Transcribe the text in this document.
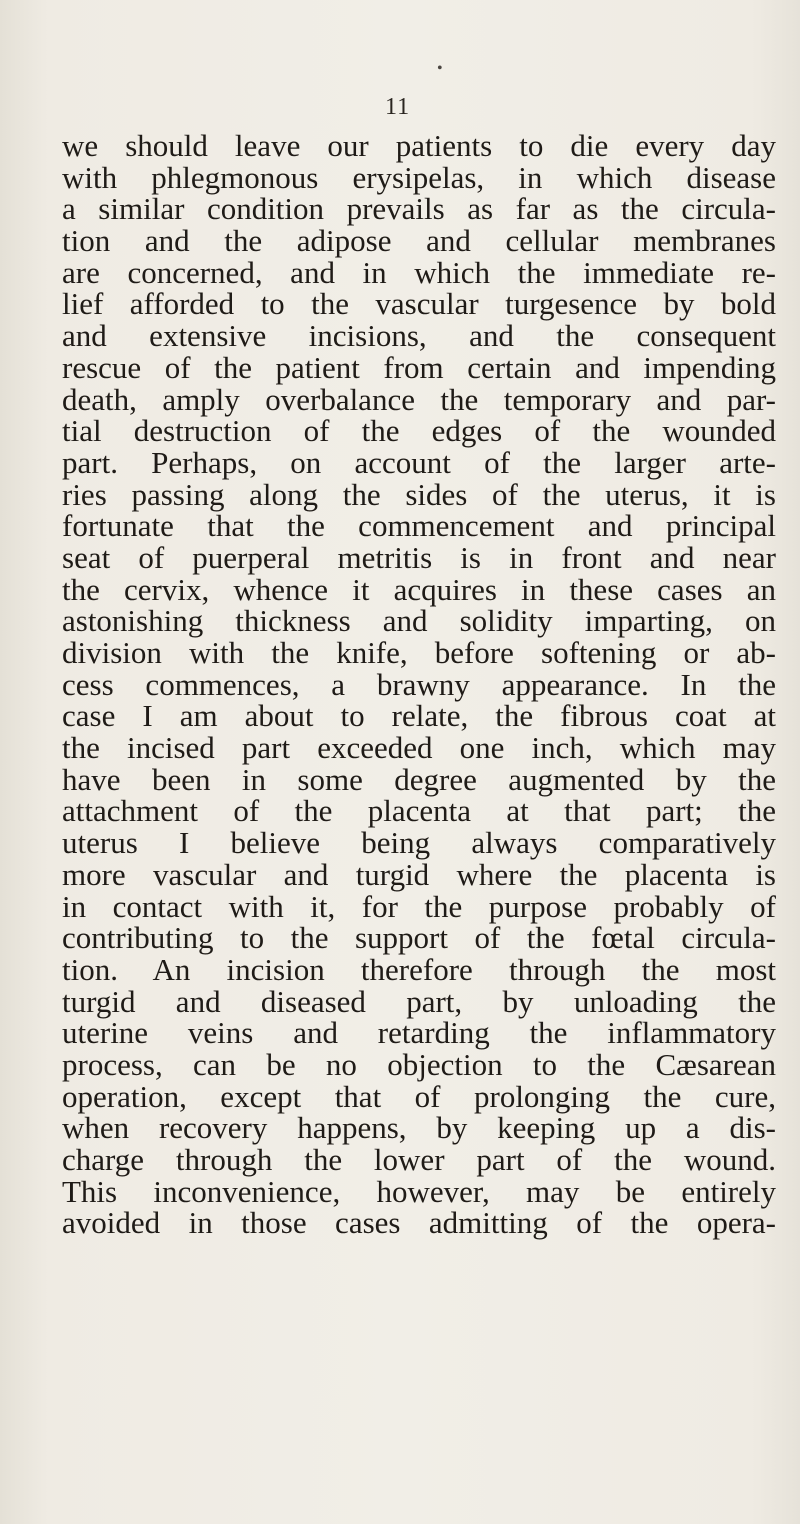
•
11
we should leave our patients to die every day
with phlegmonous erysipelas, in which disease
a similar condition prevails as far as the circula-
tion and the adipose and cellular membranes
are concerned, and in which the immediate re-
lief afforded to the vascular turgesence by bold
and extensive incisions, and the consequent
rescue of the patient from certain and impending
death, amply overbalance the temporary and par-
tial destruction of the edges of the wounded
part. Perhaps, on account of the larger arte-
ries passing along the sides of the uterus, it is
fortunate that the commencement and principal
seat of puerperal metritis is in front and near
the cervix, whence it acquires in these cases an
astonishing thickness and solidity imparting, on
division with the knife, before softening or ab-
cess commences, a brawny appearance. In the
case I am about to relate, the fibrous coat at
the incised part exceeded one inch, which may
have been in some degree augmented by the
attachment of the placenta at that part; the
uterus I believe being always comparatively
more vascular and turgid where the placenta is
in contact with it, for the purpose probably of
contributing to the support of the fœtal circula-
tion. An incision therefore through the most
turgid and diseased part, by unloading the
uterine veins and retarding the inflammatory
process, can be no objection to the Cæsarean
operation, except that of prolonging the cure,
when recovery happens, by keeping up a dis-
charge through the lower part of the wound.
This inconvenience, however, may be entirely
avoided in those cases admitting of the opera-
